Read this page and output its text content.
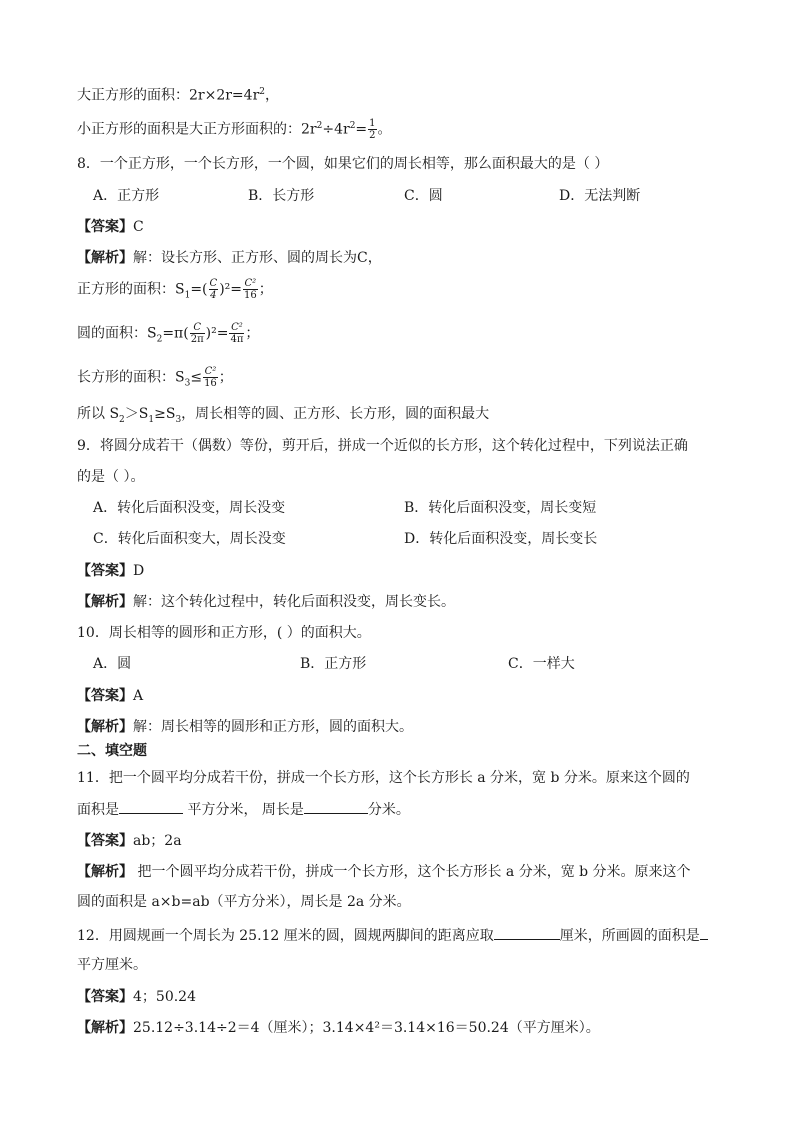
大正方形的面积：$2r\times 2r=4r^2$，
小正方形的面积是大正方形面积的：$2r^2\div 4r^2= \frac{1}{2}$ 。
8．一个正方形，一个长方形，一个圆，如果它们的周长相等，那么面积最大的是（ ）
A．正方形	B．长方形	C．圆	D．无法判断
【答案】C
【解析】解：设长方形、正方形、圆的周长为C，
正方形的面积：$S_1=( \frac{C}{4} )^2= \frac{\text{C²}}{16}$ ；
圆的面积：$S_2=\pi( \frac{C}{2\pi} )^2= \frac{\text{C²}}{4\pi}$ ；
长方形的面积：$S_3\le \frac{\text{C²}}{16}$ ；
所以 $S_2>S_1\ge S_3$，周长相等的圆、正方形、长方形，圆的面积最大
9．将圆分成若干（偶数）等份，剪开后，拼成一个近似的长方形，这个转化过程中，下列说法正确
的是（ ）。
A．转化后面积没变，周长没变	B．转化后面积没变，周长变短
C．转化后面积变大，周长没变	D．转化后面积没变，周长变长
【答案】D
【解析】解：这个转化过程中，转化后面积没变，周长变长。
10．周长相等的圆形和正方形，( ）的面积大。
A．圆	B．正方形	C．一样大
【答案】A
【解析】解：周长相等的圆形和正方形，圆的面积大。
二、填空题
11．把一个圆平均分成若干份，拼成一个长方形，这个长方形长 a 分米，宽 b 分米。原来这个圆的
面积是	平方分米， 周长是	分米。
【答案】ab；2a
【解析】 把一个圆平均分成若干份，拼成一个长方形，这个长方形长 a 分米，宽 b 分米。原来这个
圆的面积是 a×b=ab（平方分米），周长是 2a 分米。
12．用圆规画一个周长为 25.12 厘米的圆，圆规两脚间的距离应取	厘米，所画圆的面积是
平方厘米。
【答案】4；50.24
【解析】25.12÷3.14÷2＝4（厘米）；3.14×4²＝3.14×16＝50.24（平方厘米）。
